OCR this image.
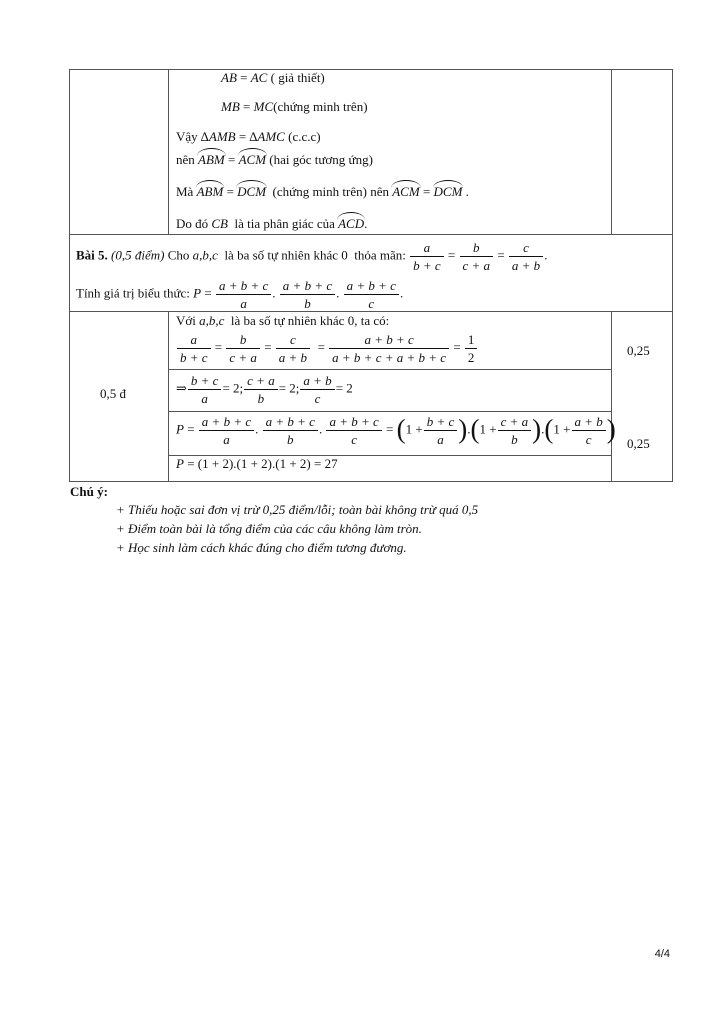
AB = AC ( giả thiết)
MB = MC(chứng minh trên)
Vậy ∆AMB = ∆AMC (c.c.c)
nên ABM = ACM (hai góc tương ứng)
Mà ABM = DCM (chứng minh trên) nên ACM = DCM .
Do đó CB là tia phân giác của ACD.
Bài 5. (0,5 điểm) Cho a,b,c là ba số tự nhiên khác 0 thỏa mãn: $\frac{a}{b + c} = \frac{b}{c + a} = \frac{c}{a + b}$ .
Tính giá trị biểu thức: $P = \frac{a + b + c}{a}$ . $\frac{a + b + c}{b}$ . $\frac{a + b + c}{c}$ .
0,5 đ
Với a,b,c là ba số tự nhiên khác 0, ta có:
$\frac{a}{b + c} = \frac{b}{c + a} = \frac{c}{a + b} = \frac{a + b + c}{a + b + c + a + b + c} = \frac{1}{2}$	0,25
⇒ $\frac{b + c}{a} = 2$; $\frac{c + a}{b} = 2$; $\frac{a + b}{c} = 2$
$P = \frac{a + b + c}{a}$ . $\frac{a + b + c}{b}$ . $\frac{a + b + c}{c} = (1 + \frac{b + c}{a} ).(1 + \frac{c + a}{b} ).(1 + \frac{a + b}{c}$ ) 0,25
P = (1 + 2).(1 + 2).(1 + 2) = 27
Chú ý:
+ Thiếu hoặc sai đơn vị trừ 0,25 điểm/lỗi; toàn bài không trừ quá 0,5
+ Điểm toàn bài là tổng điểm của các câu không làm tròn.
+ Học sinh làm cách khác đúng cho điểm tương đương.
4/4
